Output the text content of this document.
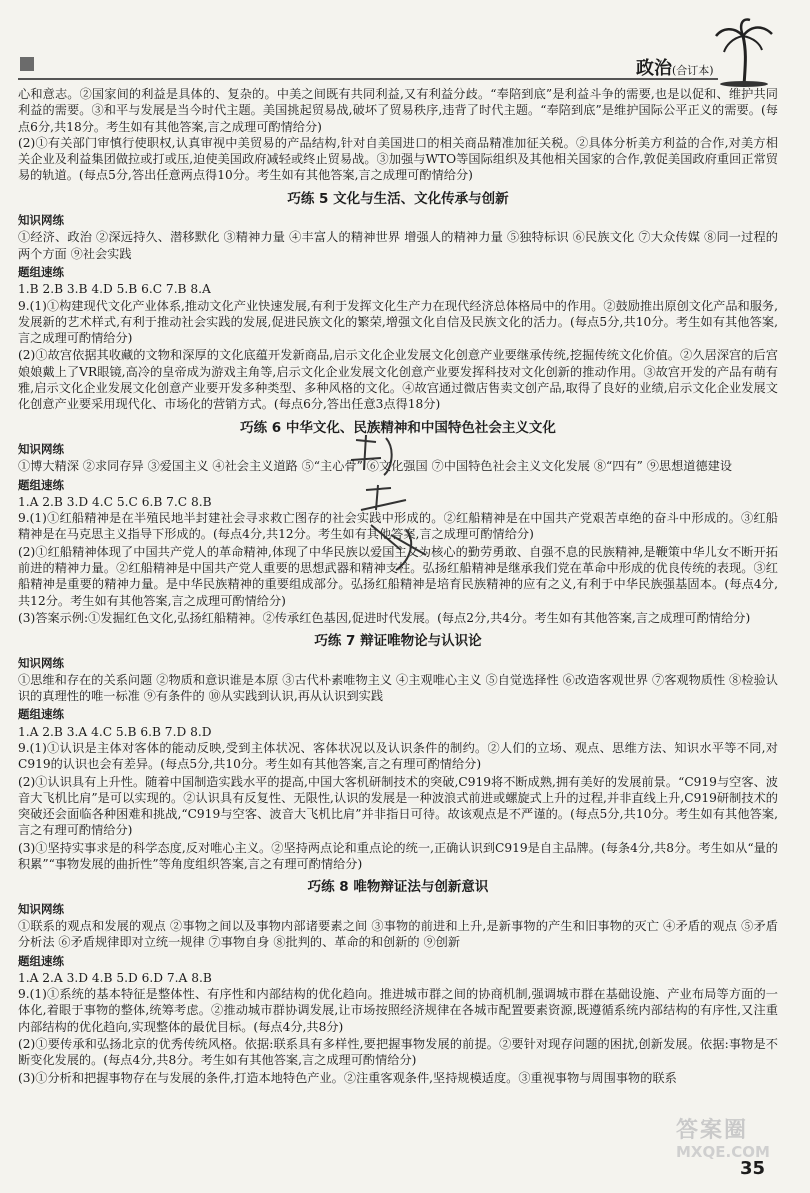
政治(合订本)

心和意志。②国家间的利益是具体的、复杂的。中美之间既有共同利益,又有利益分歧。“奉陪到底”是利益斗争的需要,也是以促和、维护共同利益的需要。③和平与发展是当今时代主题。美国挑起贸易战,破坏了贸易秩序,违背了时代主题。“奉陪到底”是维护国际公平正义的需要。(每点6分,共18分。考生如有其他答案,言之成理可酌情给分)

(2)①有关部门审慎行使职权,认真审视中美贸易的产品结构,针对自美国进口的相关商品精准加征关税。②具体分析美方利益的合作,对美方相关企业及利益集团做拉或打或压,迫使美国政府减轻或终止贸易战。③加强与WTO等国际组织及其他相关国家的合作,敦促美国政府重回正常贸易的轨道。(每点5分,答出任意两点得10分。考生如有其他答案,言之成理可酌情给分)

巧练 5 文化与生活、文化传承与创新
知识网练

①经济、政治 ②深远持久、潜移默化 ③精神力量 ④丰富人的精神世界 增强人的精神力量 ⑤独特标识 ⑥民族文化 ⑦大众传媒 ⑧同一过程的两个方面 ⑨社会实践

题组速练

1.B 2.B 3.B 4.D 5.B 6.C 7.B 8.A

9.(1)①构建现代文化产业体系,推动文化产业快速发展,有利于发挥文化生产力在现代经济总体格局中的作用。②鼓励推出原创文化产品和服务,发展新的艺术样式,有利于推动社会实践的发展,促进民族文化的繁荣,增强文化自信及民族文化的活力。(每点5分,共10分。考生如有其他答案,言之成理可酌情给分)

(2)①故宫依据其收藏的文物和深厚的文化底蕴开发新商品,启示文化企业发展文化创意产业要继承传统,挖掘传统文化价值。②久居深宫的后宫娘娘戴上了VR眼镜,高冷的皇帝成为游戏主角等,启示文化企业发展文化创意产业要发挥科技对文化创新的推动作用。③故宫开发的产品有萌有雅,启示文化企业发展文化创意产业要开发多种类型、多种风格的文化。④故宫通过微店售卖文创产品,取得了良好的业绩,启示文化企业发展文化创意产业要采用现代化、市场化的营销方式。(每点6分,答出任意3点得18分)

巧练 6 中华文化、民族精神和中国特色社会主义文化
知识网练

①博大精深 ②求同存异 ③爱国主义 ④社会主义道路 ⑤“主心骨” ⑥文化强国 ⑦中国特色社会主义文化发展 ⑧“四有” ⑨思想道德建设

题组速练

1.A 2.B 3.D 4.C 5.C 6.B 7.C 8.B

9.(1)①红船精神是在半殖民地半封建社会寻求救亡图存的社会实践中形成的。②红船精神是在中国共产党艰苦卓绝的奋斗中形成的。③红船精神是在马克思主义指导下形成的。(每点4分,共12分。考生如有其他答案,言之成理可酌情给分)

(2)①红船精神体现了中国共产党人的革命精神,体现了中华民族以爱国主义为核心的勤劳勇敢、自强不息的民族精神,是鞭策中华儿女不断开拓前进的精神力量。②红船精神是中国共产党人重要的思想武器和精神支柱。弘扬红船精神是继承我们党在革命中形成的优良传统的表现。③红船精神是重要的精神力量。是中华民族精神的重要组成部分。弘扬红船精神是培育民族精神的应有之义,有利于中华民族强基固本。(每点4分,共12分。考生如有其他答案,言之成理可酌情给分)

(3)答案示例:①发掘红色文化,弘扬红船精神。②传承红色基因,促进时代发展。(每点2分,共4分。考生如有其他答案,言之成理可酌情给分)

巧练 7 辩证唯物论与认识论
知识网练

①思维和存在的关系问题 ②物质和意识谁是本原 ③古代朴素唯物主义 ④主观唯心主义 ⑤自觉选择性 ⑥改造客观世界 ⑦客观物质性 ⑧检验认识的真理性的唯一标准 ⑨有条件的 ⑩从实践到认识,再从认识到实践

题组速练

1.A 2.B 3.A 4.C 5.B 6.B 7.D 8.D

9.(1)①认识是主体对客体的能动反映,受到主体状况、客体状况以及认识条件的制约。②人们的立场、观点、思维方法、知识水平等不同,对C919的认识也会有差异。(每点5分,共10分。考生如有其他答案,言之有理可酌情给分)

(2)①认识具有上升性。随着中国制造实践水平的提高,中国大客机研制技术的突破,C919将不断成熟,拥有美好的发展前景。“C919与空客、波音大飞机比肩”是可以实现的。②认识具有反复性、无限性,认识的发展是一种波浪式前进或螺旋式上升的过程,并非直线上升,C919研制技术的突破还会面临各种困难和挑战,“C919与空客、波音大飞机比肩”并非指日可待。故该观点是不严谨的。(每点5分,共10分。考生如有其他答案,言之有理可酌情给分)

(3)①坚持实事求是的科学态度,反对唯心主义。②坚持两点论和重点论的统一,正确认识到C919是自主品牌。(每条4分,共8分。考生如从“量的积累”“事物发展的曲折性”等角度组织答案,言之有理可酌情给分)

巧练 8 唯物辩证法与创新意识
知识网练

①联系的观点和发展的观点 ②事物之间以及事物内部诸要素之间 ③事物的前进和上升,是新事物的产生和旧事物的灭亡 ④矛盾的观点 ⑤矛盾分析法 ⑥矛盾规律即对立统一规律 ⑦事物自身 ⑧批判的、革命的和创新的 ⑨创新

题组速练

1.A 2.A 3.D 4.B 5.D 6.D 7.A 8.B

9.(1)①系统的基本特征是整体性、有序性和内部结构的优化趋向。推进城市群之间的协商机制,强调城市群在基础设施、产业布局等方面的一体化,着眼于事物的整体,统筹考虑。②推动城市群协调发展,让市场按照经济规律在各城市配置要素资源,既遵循系统内部结构的有序性,又注重内部结构的优化趋向,实现整体的最优目标。(每点4分,共8分)

(2)①要传承和弘扬北京的优秀传统风格。依据:联系具有多样性,要把握事物发展的前提。②要针对现存问题的困扰,创新发展。依据:事物是不断变化发展的。(每点4分,共8分。考生如有其他答案,言之成理可酌情给分)

(3)①分析和把握事物存在与发展的条件,打造本地特色产业。②注重客观条件,坚持规模适度。③重视事物与周围事物的联系

答案圈
MXQE.COM
35
